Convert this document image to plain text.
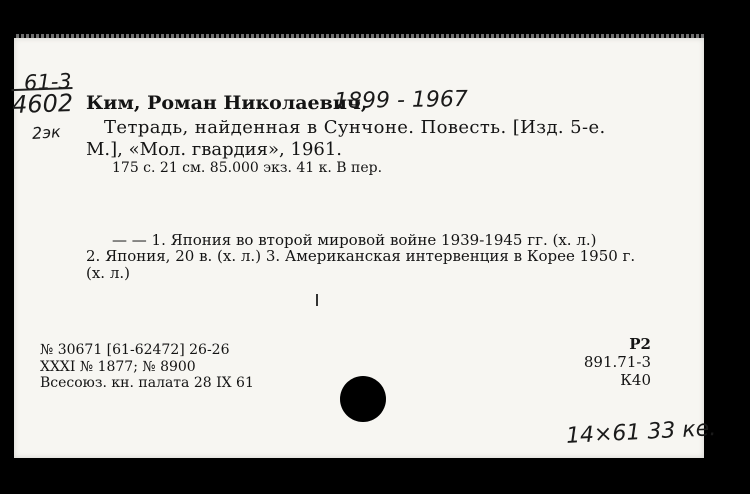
61-3
4602
2эк
Ким, Роман Николаевич,
1899 - 1967
Тетрадь, найденная в Сунчоне. Повесть. [Изд. 5-е.
М.], «Мол. гвардия», 1961.
175 с. 21 см. 85.000 экз. 41 к. В пер.
— — 1. Япония во второй мировой войне 1939-1945 гг. (х. л.)
2. Япония, 20 в. (х. л.) 3. Американская интервенция в Корее 1950 г.
(х. л.)
№ 30671 [61-62472] 26-26
XXXI № 1877; № 8900
Всесоюз. кн. палата 28 IX 61
Р2
891.71-3
К40
14×61 33 ке.
